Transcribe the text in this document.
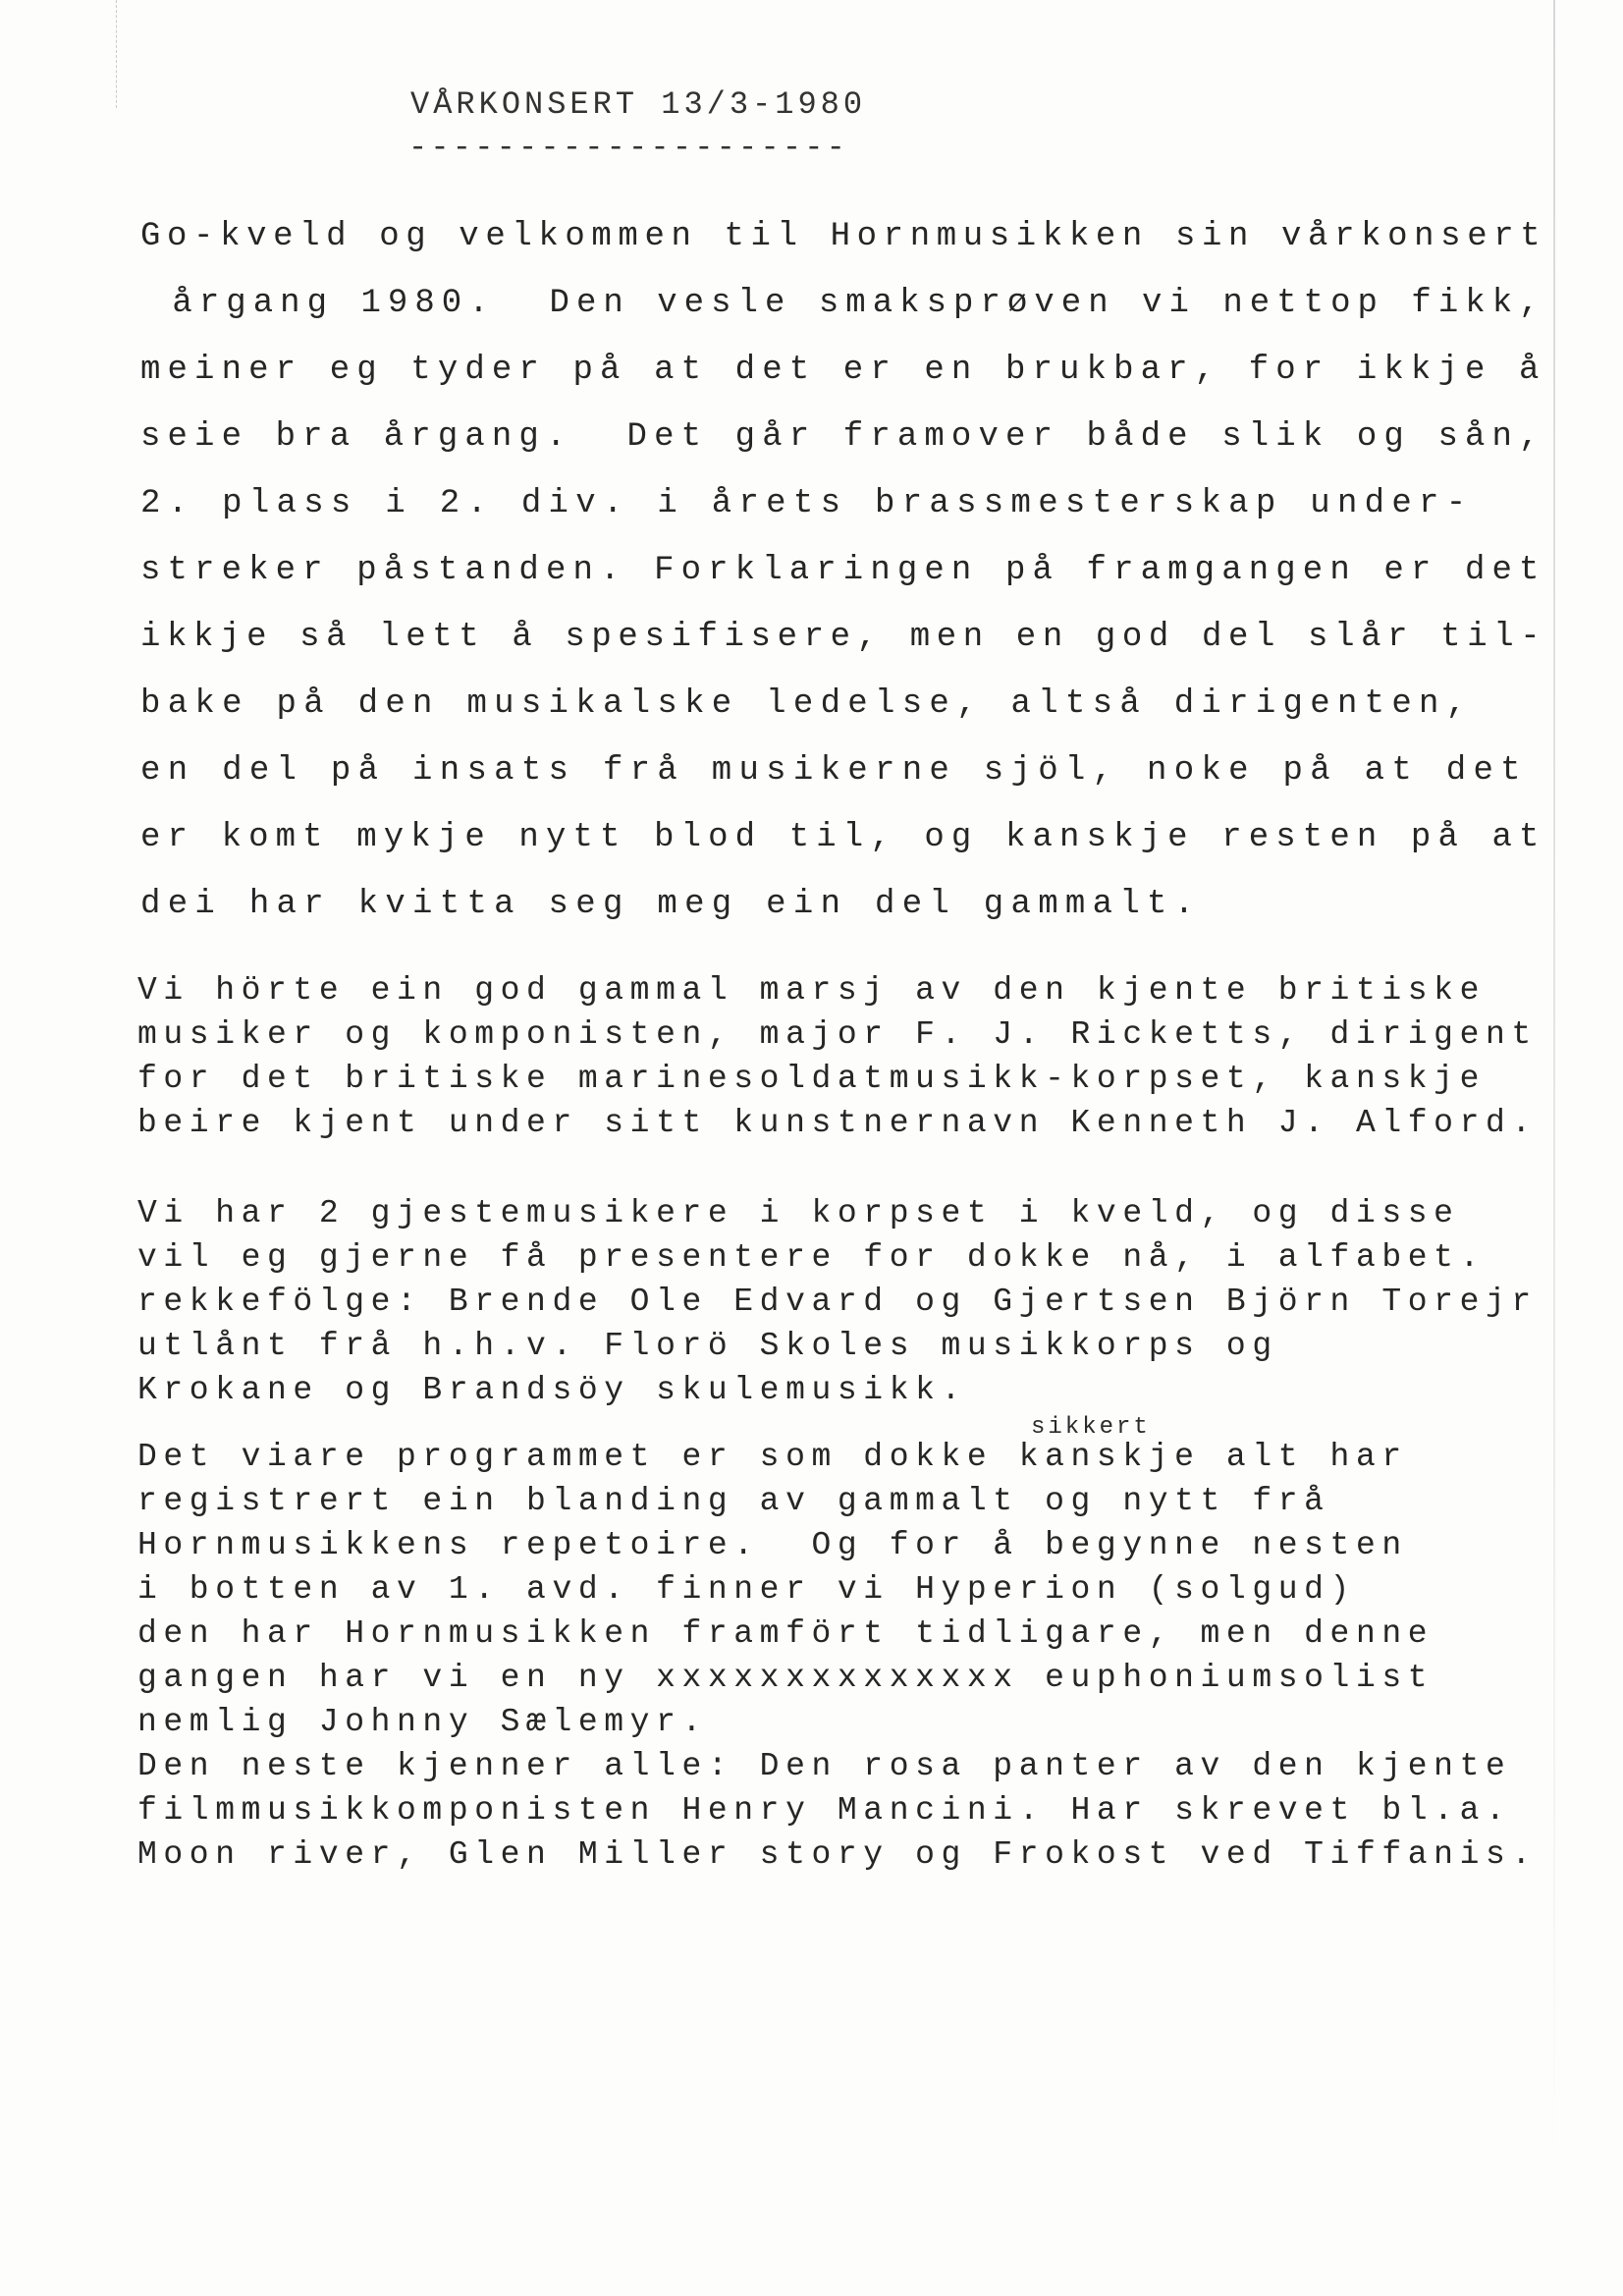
VÅRKONSERT 13/3-1980
--------------------
Go-kveld og velkommen til Hornmusikken sin vårkonsert
årgang 1980.  Den vesle smaksprøven vi nettop fikk,
meiner eg tyder på at det er en brukbar, for ikkje å
seie bra årgang.  Det går framover både slik og sån,
2. plass i 2. div. i årets brassmesterskap under-
streker påstanden. Forklaringen på framgangen er det
ikkje så lett å spesifisere, men en god del slår til-
bake på den musikalske ledelse, altså dirigenten,
en del på insats frå musikerne sjöl, noke på at det
er komt mykje nytt blod til, og kanskje resten på at
dei har kvitta seg meg ein del gammalt.
Vi hörte ein god gammal marsj av den kjente britiske
musiker og komponisten, major F. J. Ricketts, dirigent
for det britiske marinesoldatmusikk-korpset, kanskje
beire kjent under sitt kunstnernavn Kenneth J. Alford.
Vi har 2 gjestemusikere i korpset i kveld, og disse
vil eg gjerne få presentere for dokke nå, i alfabet.
rekkefölge: Brende Ole Edvard og Gjertsen Björn Torejr
utlånt frå h.h.v. Florö Skoles musikkorps og
Krokane og Brandsöy skulemusikk.
sikkert
Det viare programmet er som dokke kanskje alt har
registrert ein blanding av gammalt og nytt frå
Hornmusikkens repetoire.  Og for å begynne nesten
i botten av 1. avd. finner vi Hyperion (solgud)
den har Hornmusikken framfört tidligare, men denne
gangen har vi en ny xxxxxxxxxxxxxx euphoniumsolist
nemlig Johnny Sælemyr.
Den neste kjenner alle: Den rosa panter av den kjente
filmmusikkomponisten Henry Mancini. Har skrevet bl.a.
Moon river, Glen Miller story og Frokost ved Tiffanis.
